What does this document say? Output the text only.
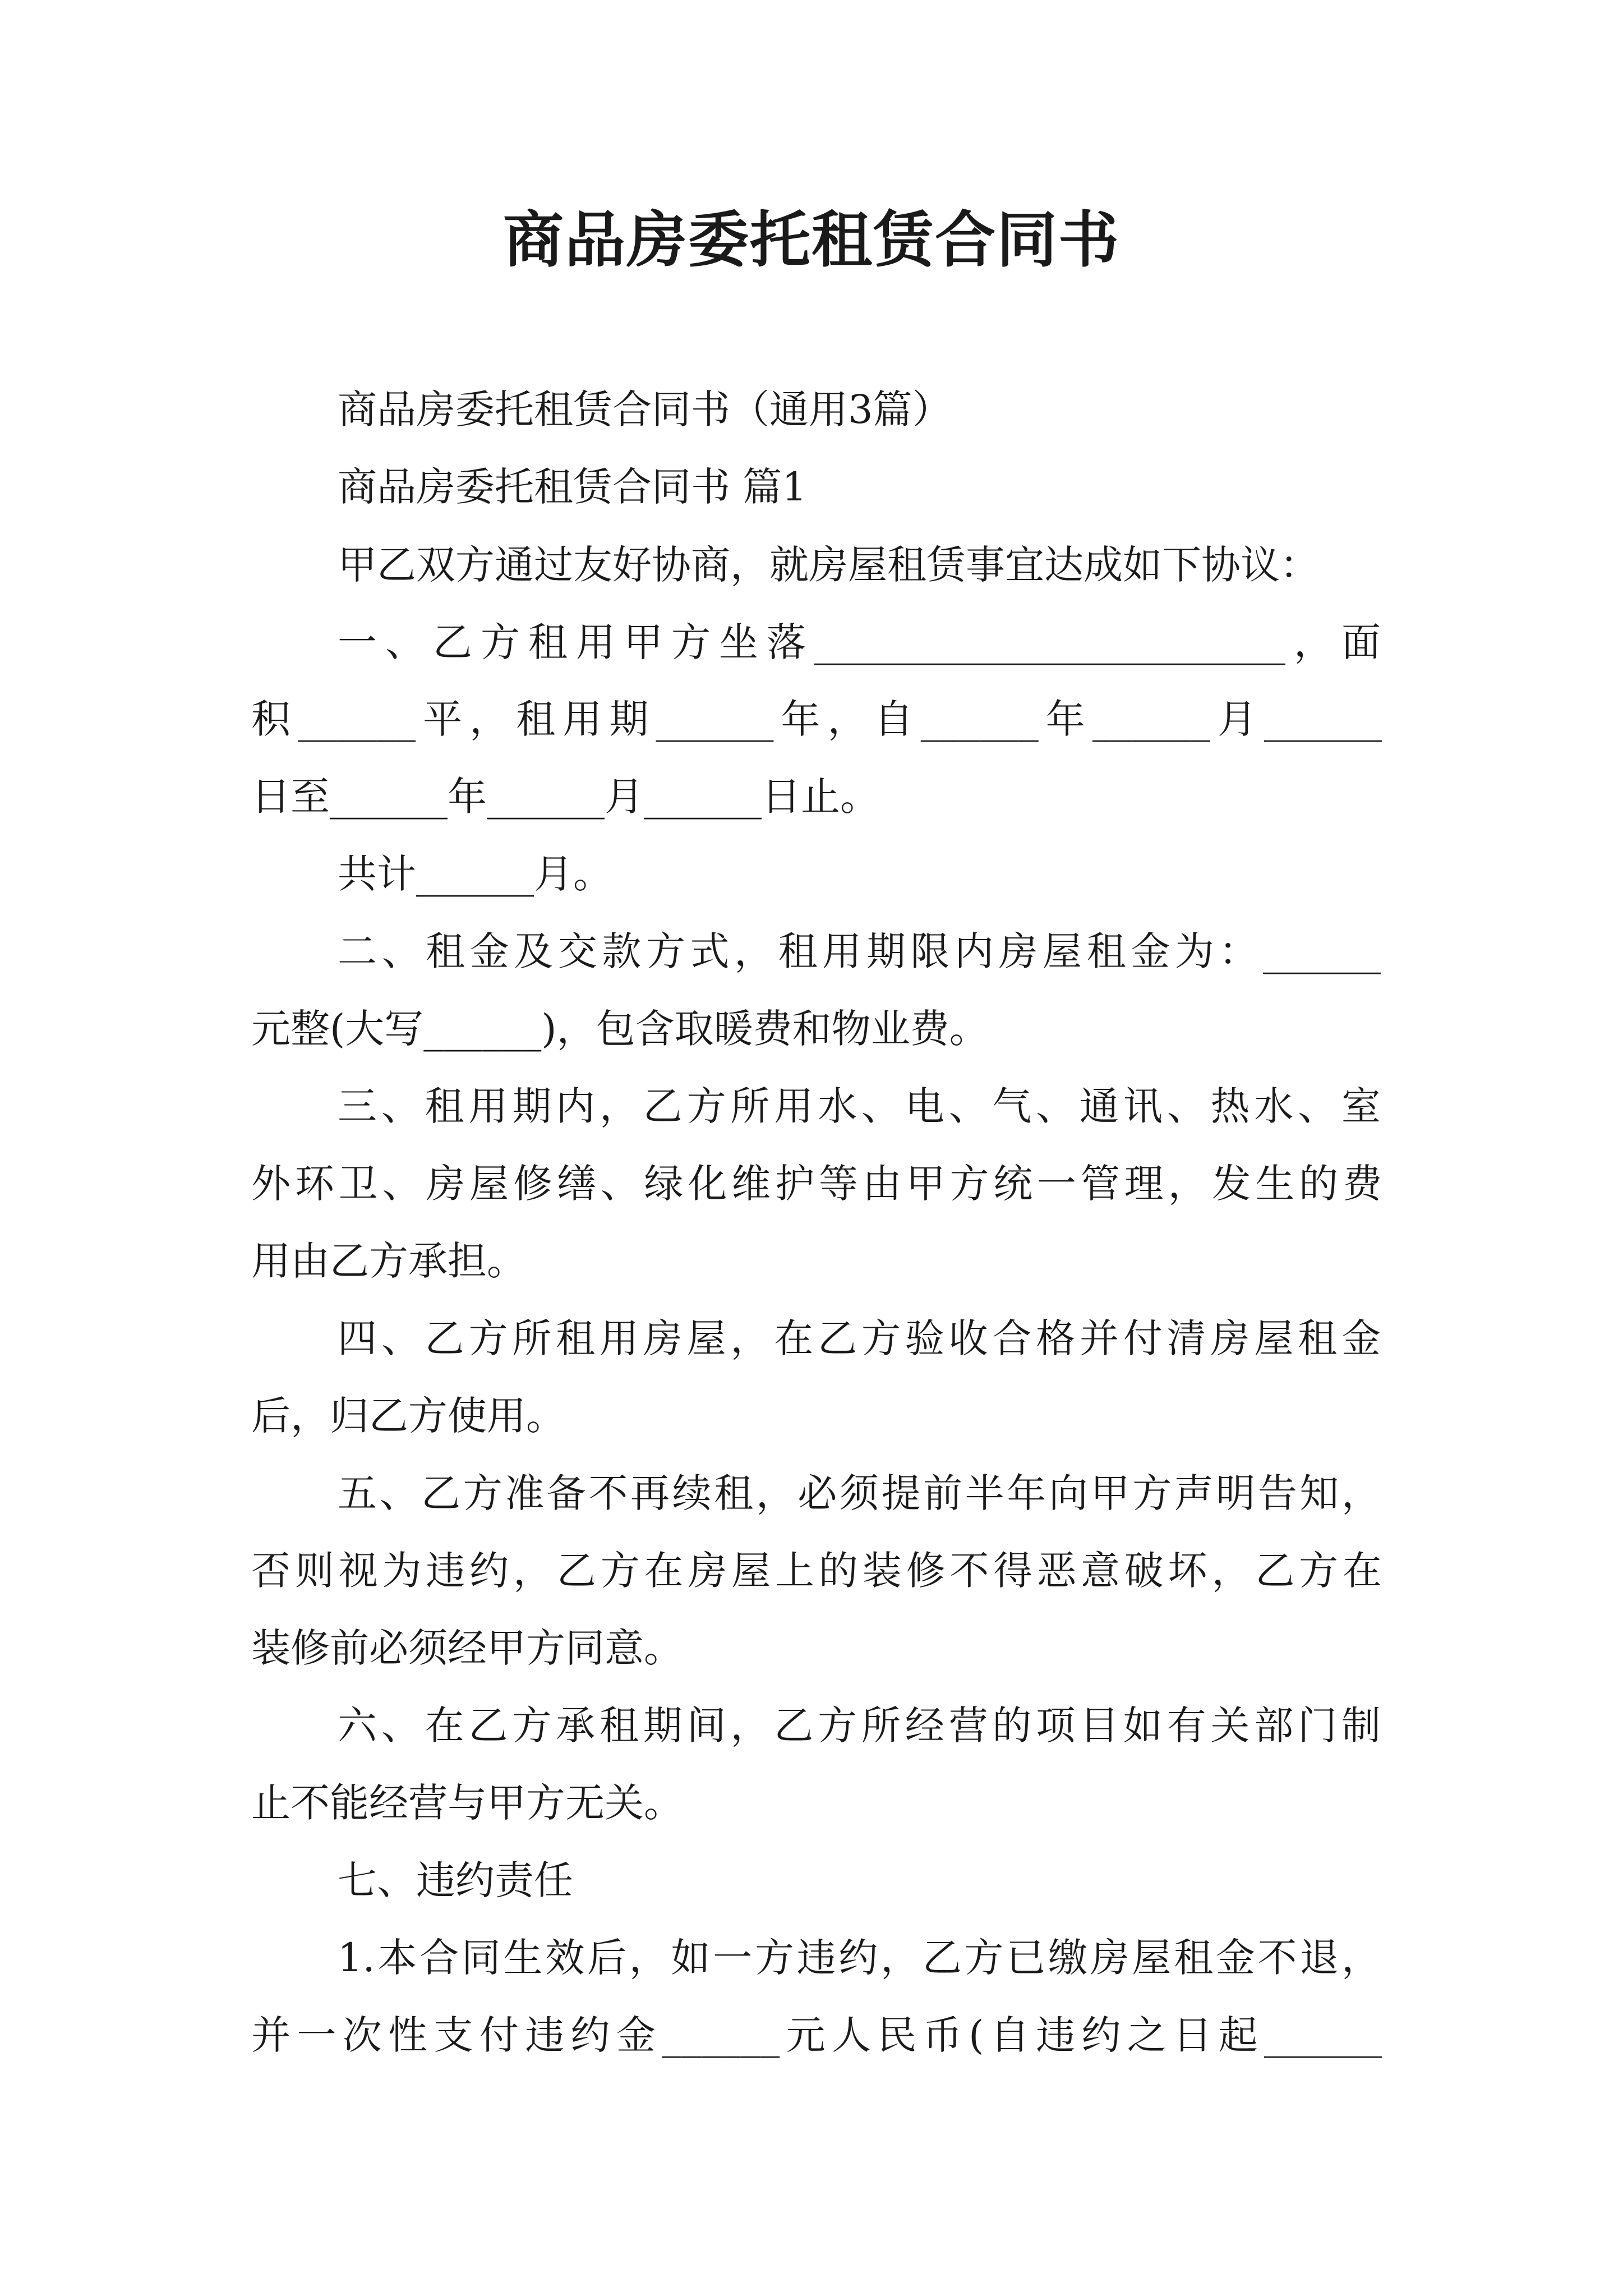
商品房委托租赁合同书
商品房委托租赁合同书（通用3篇）
商品房委托租赁合同书 篇1
甲乙双方通过友好协商，就房屋租赁事宜达成如下协议：
一、乙方租用甲方坐落________________________，面
积______平，租用期______年，自______年______月______
日至______年______月______日止。
共计______月。
二、租金及交款方式，租用期限内房屋租金为：______
元整(大写______)，包含取暖费和物业费。
三、租用期内，乙方所用水、电、气、通讯、热水、室
外环卫、房屋修缮、绿化维护等由甲方统一管理，发生的费
用由乙方承担。
四、乙方所租用房屋，在乙方验收合格并付清房屋租金
后，归乙方使用。
五、乙方准备不再续租，必须提前半年向甲方声明告知，
否则视为违约，乙方在房屋上的装修不得恶意破坏，乙方在
装修前必须经甲方同意。
六、在乙方承租期间，乙方所经营的项目如有关部门制
止不能经营与甲方无关。
七、违约责任
1.本合同生效后，如一方违约，乙方已缴房屋租金不退，
并一次性支付违约金______元人民币(自违约之日起______
